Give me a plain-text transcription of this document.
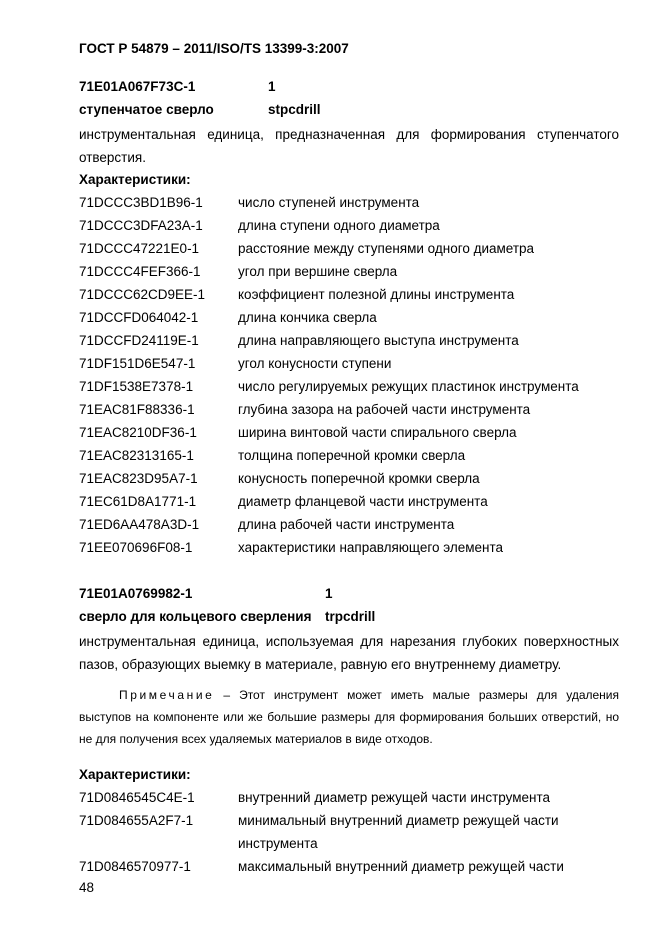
ГОСТ Р 54879 – 2011/ISO/TS 13399-3:2007
71E01A067F73C-1	1
ступенчатое сверло	stpcdrill
инструментальная единица, предназначенная для формирования ступенчатого отверстия.
Характеристики:
71DCCC3BD1B96-1	число ступеней инструмента
71DCCC3DFA23A-1	длина ступени одного диаметра
71DCCC47221E0-1	расстояние между ступенями одного диаметра
71DCCC4FEF366-1	угол при вершине сверла
71DCCC62CD9EE-1 коэффициент полезной длины инструмента
71DCCFD064042-1	длина кончика сверла
71DCCFD24119E-1	длина направляющего выступа инструмента
71DF151D6E547-1	угол конусности ступени
71DF1538E7378-1	число регулируемых режущих пластинок инструмента
71EAC81F88336-1	глубина зазора на рабочей части инструмента
71EAC8210DF36-1	ширина винтовой части спирального сверла
71EAC82313165-1	толщина поперечной кромки сверла
71EAC823D95A7-1	конусность поперечной кромки сверла
71EC61D8A1771-1	диаметр фланцевой части инструмента
71ED6AA478A3D-1	длина рабочей части инструмента
71EE070696F08-1	характеристики направляющего элемента
71E01A0769982-1	1
сверло для кольцевого сверления trpcdrill
инструментальная единица, используемая для нарезания глубоких поверхностных пазов, образующих выемку в материале, равную его внутреннему диаметру.
Примечание – Этот инструмент может иметь малые размеры для удаления выступов на компоненте или же большие размеры для формирования больших отверстий, но не для получения всех удаляемых материалов в виде отходов.
Характеристики:
71D0846545C4E-1	внутренний диаметр режущей части инструмента
71D084655A2F7-1	минимальный внутренний диаметр режущей части
инструмента
71D0846570977-1	максимальный внутренний диаметр режущей части
48
